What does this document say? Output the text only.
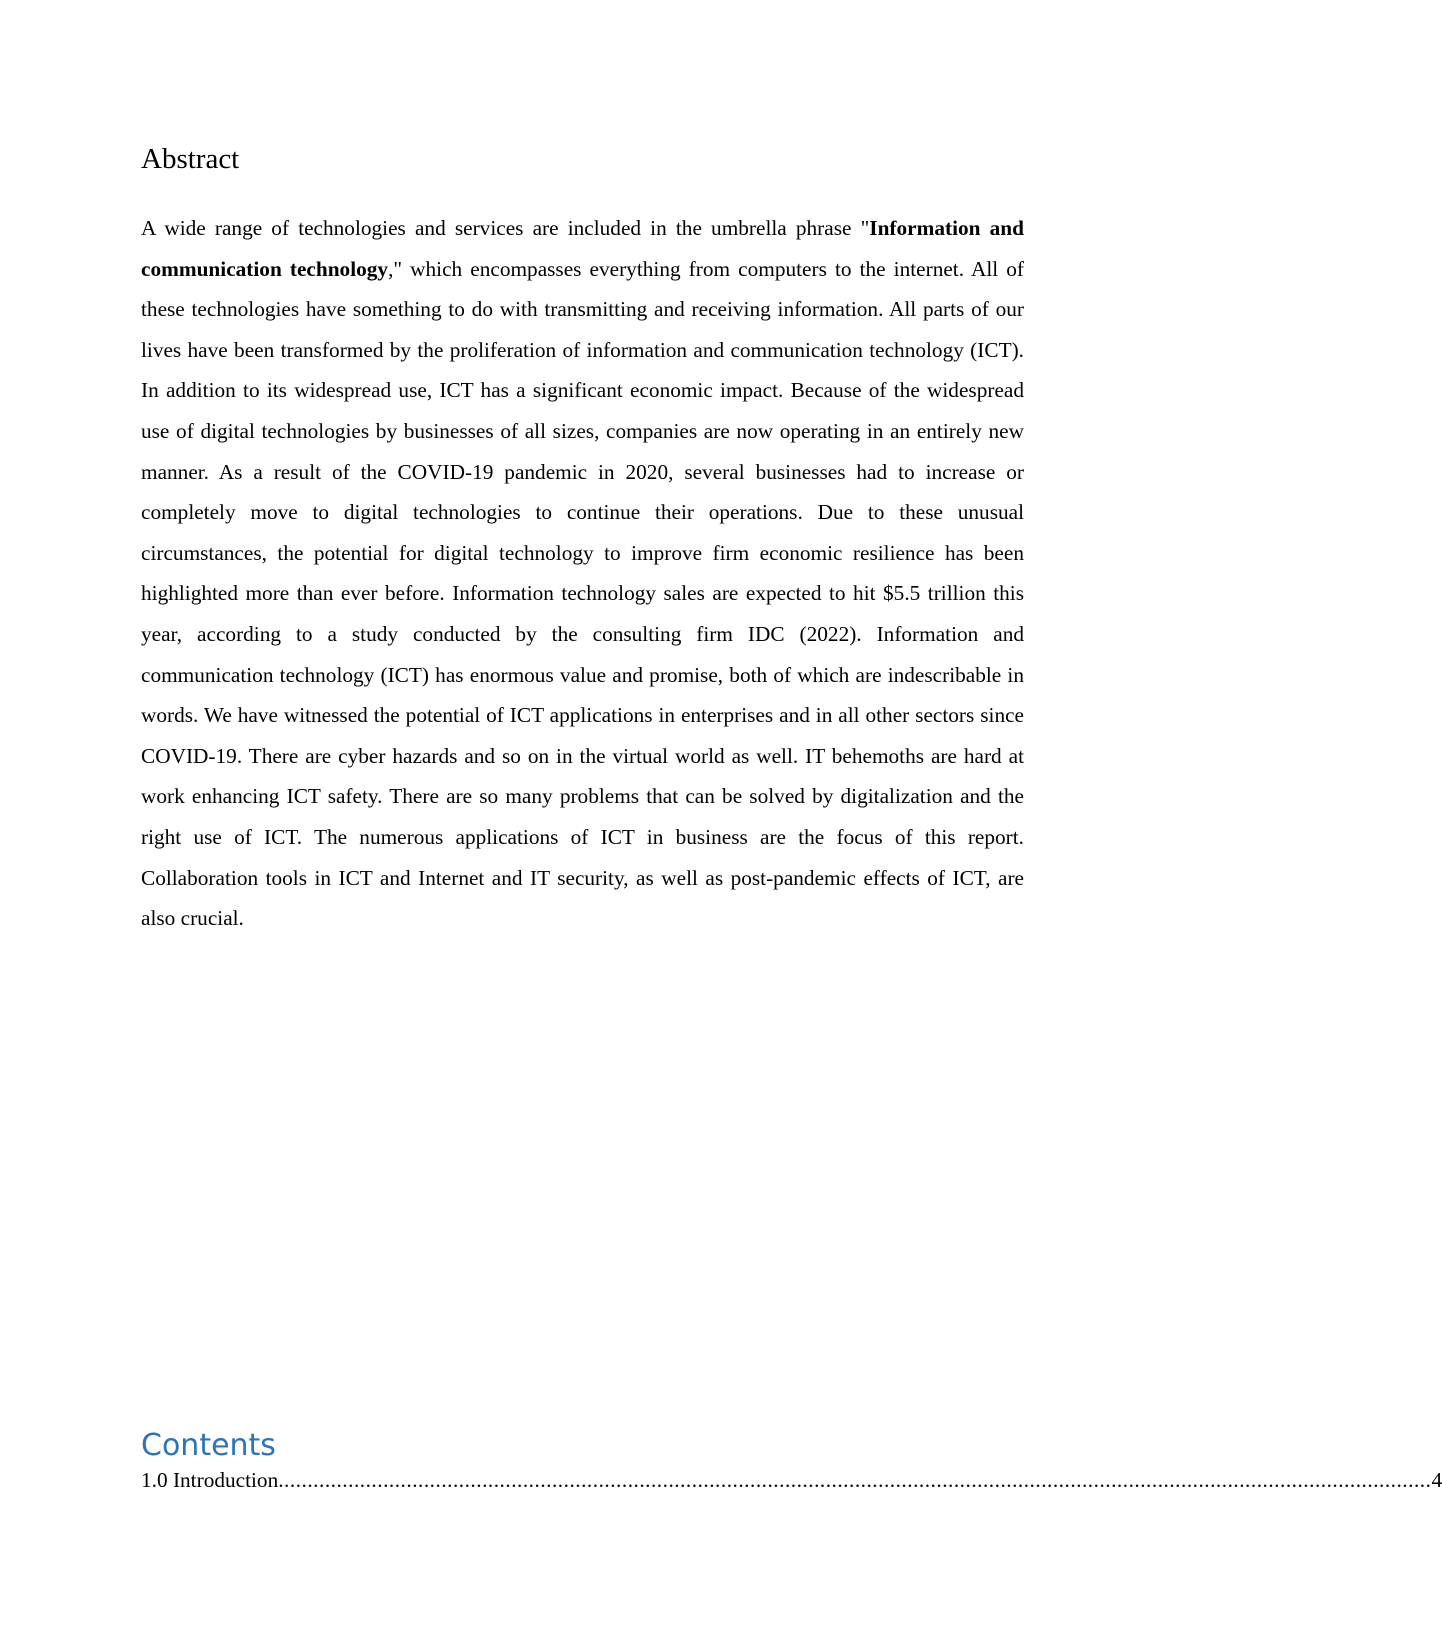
Abstract

A wide range of technologies and services are included in the umbrella phrase "Information and communication technology," which encompasses everything from computers to the internet. All of these technologies have something to do with transmitting and receiving information. All parts of our lives have been transformed by the proliferation of information and communication technology (ICT). In addition to its widespread use, ICT has a significant economic impact. Because of the widespread use of digital technologies by businesses of all sizes, companies are now operating in an entirely new manner. As a result of the COVID-19 pandemic in 2020, several businesses had to increase or completely move to digital technologies to continue their operations. Due to these unusual circumstances, the potential for digital technology to improve firm economic resilience has been highlighted more than ever before. Information technology sales are expected to hit $5.5 trillion this year, according to a study conducted by the consulting firm IDC (2022). Information and communication technology (ICT) has enormous value and promise, both of which are indescribable in words. We have witnessed the potential of ICT applications in enterprises and in all other sectors since COVID-19. There are cyber hazards and so on in the virtual world as well. IT behemoths are hard at work enhancing ICT safety. There are so many problems that can be solved by digitalization and the right use of ICT. The numerous applications of ICT in business are the focus of this report. Collaboration tools in ICT and Internet and IT security, as well as post-pandemic effects of ICT, are also crucial.

Contents
1.0 Introduction ...................................................................................................................................................................................................... 4
